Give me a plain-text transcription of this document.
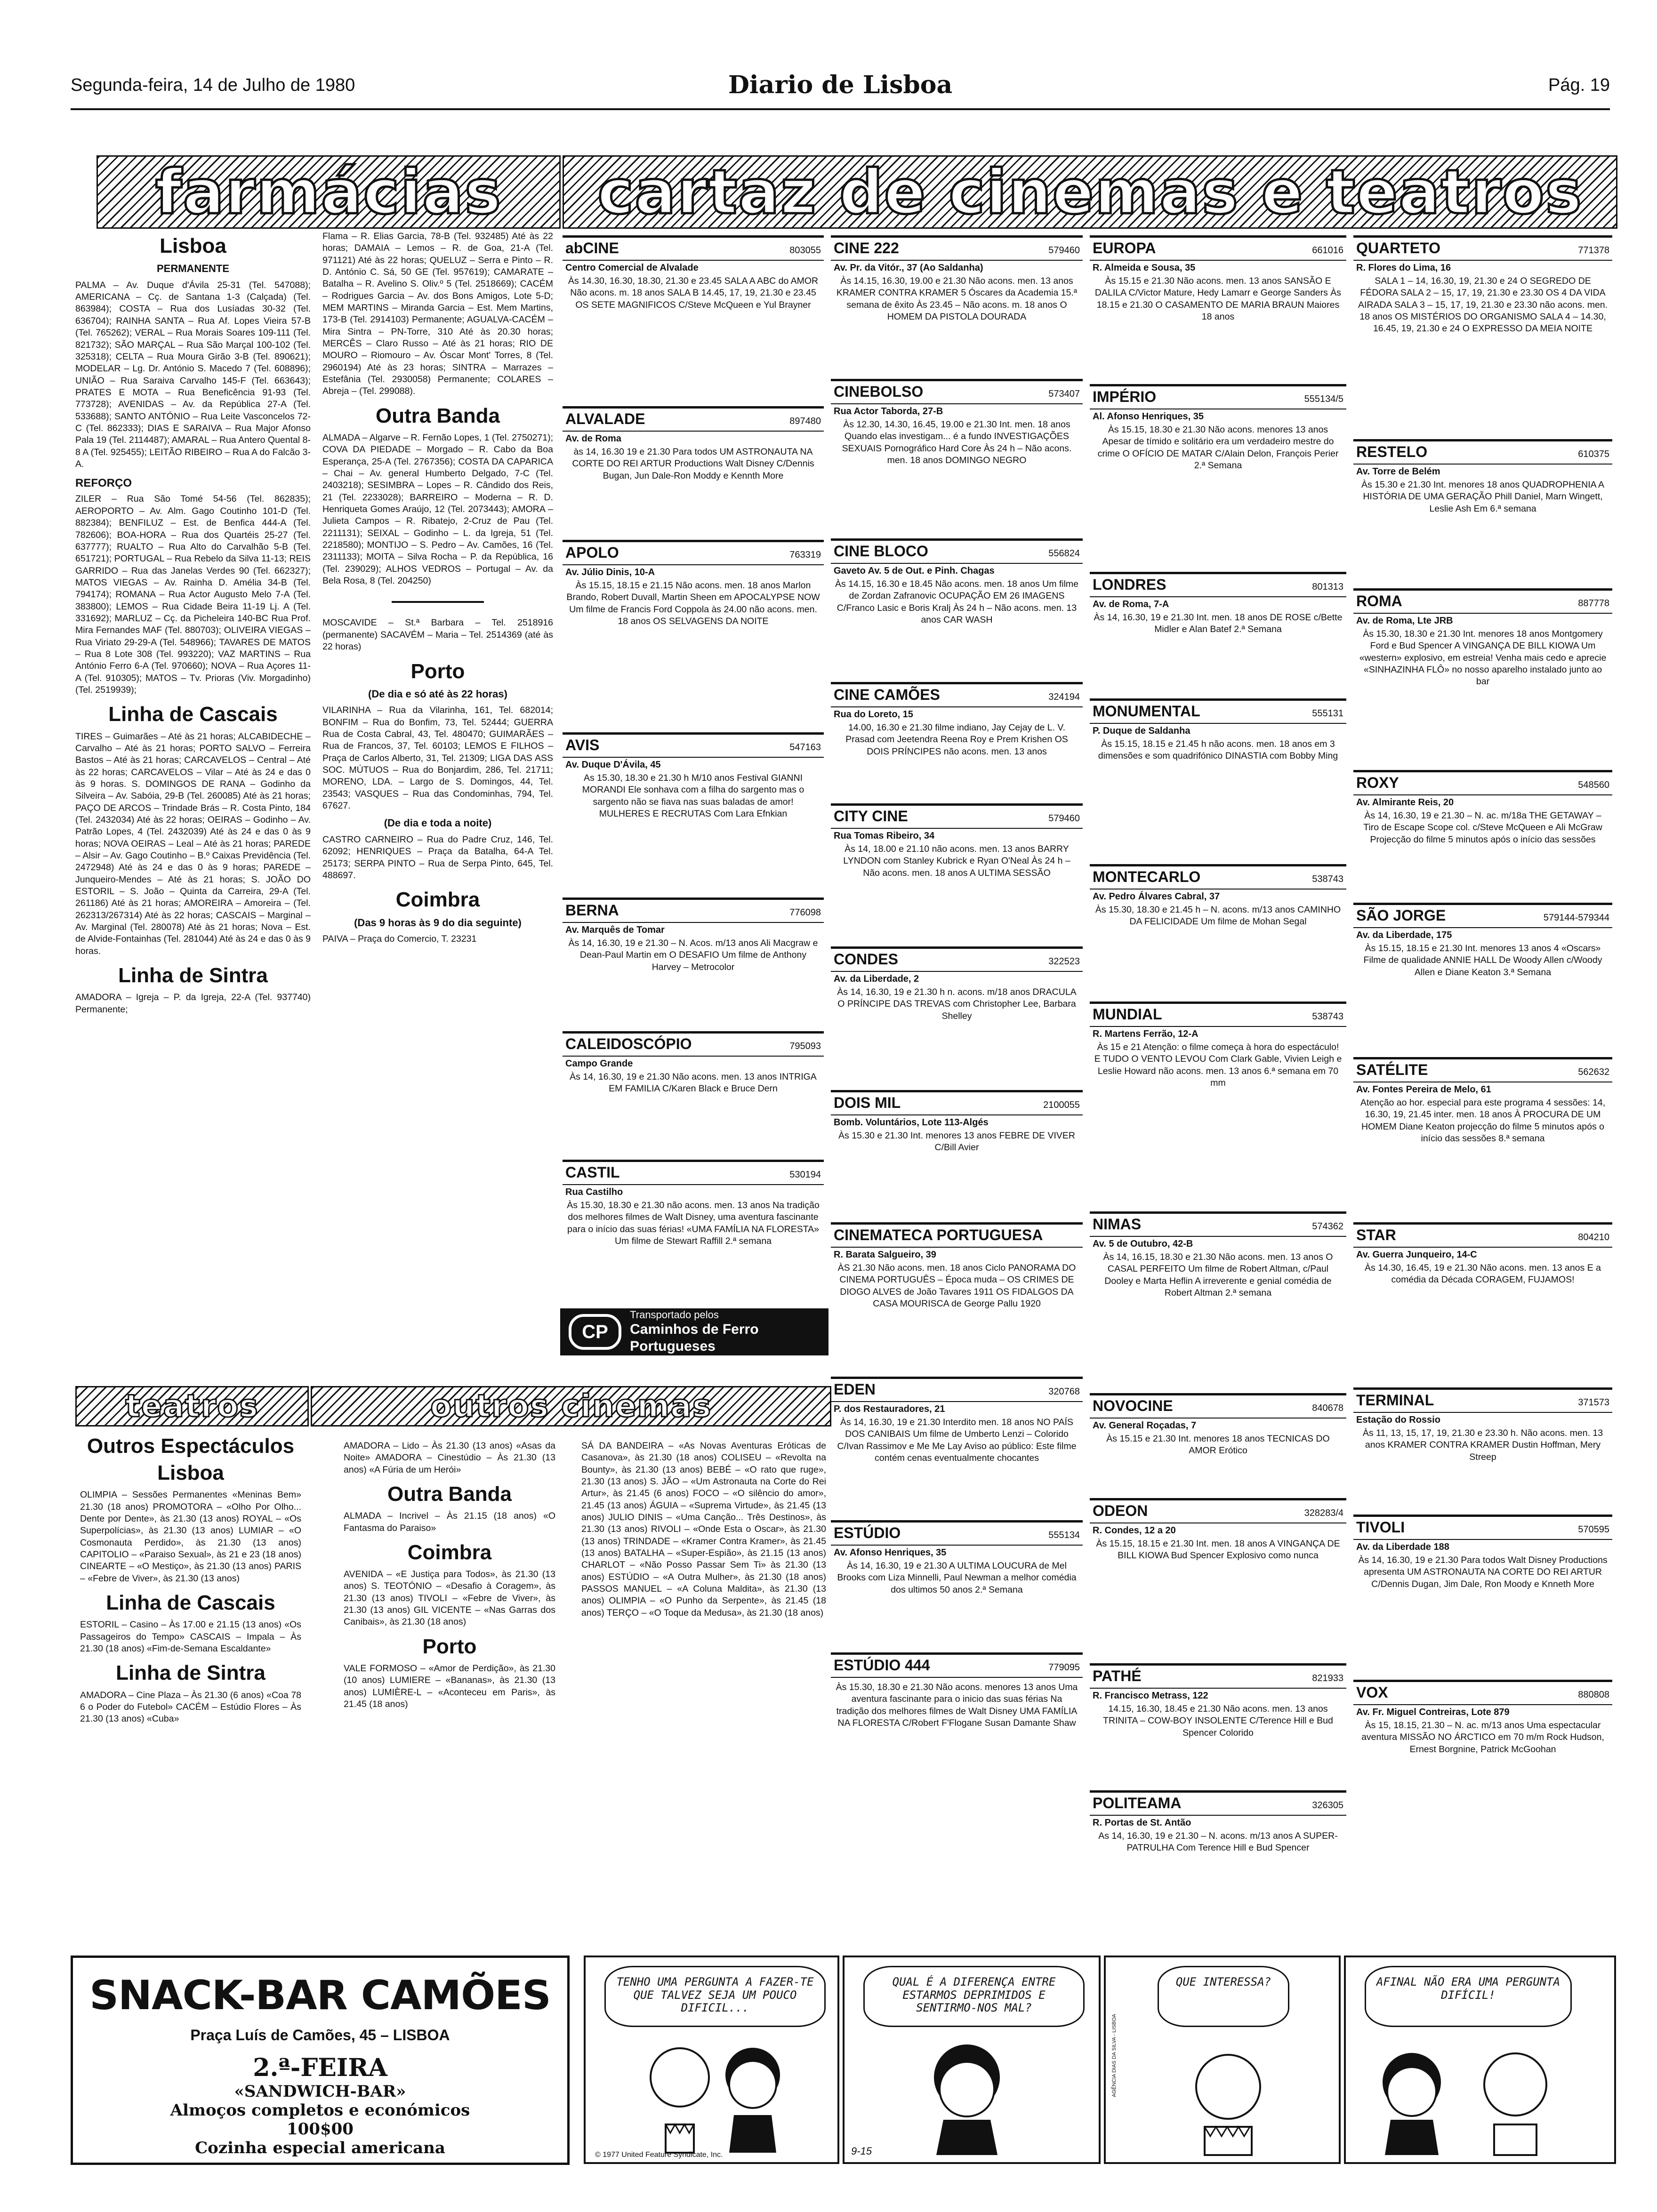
Segunda-feira, 14 de Julho de 1980	Diario de Lisboa	Pág. 19
farmácias cartaz de cinemas e teatros
Lisboa
PERMANENTE

PALMA – Av. Duque d'Ávila 25-31 (Tel. 547088); AMERICANA – Cç. de Santana 1-3 (Calçada) (Tel. 863984); COSTA – Rua dos Lusíadas 30-32 (Tel. 636704); RAINHA SANTA – Rua Af. Lopes Vieira 57-B (Tel. 765262); VERAL – Rua Morais Soares 109-111 (Tel. 821732); SÃO MARÇAL – Rua São Marçal 100-102 (Tel. 325318); CELTA – Rua Moura Girão 3-B (Tel. 890621); MODELAR – Lg. Dr. António S. Macedo 7 (Tel. 608896); UNIÃO – Rua Saraiva Carvalho 145-F (Tel. 663643); PRATES E MOTA – Rua Beneficência 91-93 (Tel. 773728); AVENIDAS – Av. da República 27-A (Tel. 533688); SANTO ANTÓNIO – Rua Leite Vasconcelos 72-C (Tel. 862333); DIAS E SARAIVA – Rua Major Afonso Pala 19 (Tel. 2114487); AMARAL – Rua Antero Quental 8-8 A (Tel. 925455); LEITÃO RIBEIRO – Rua A do Falcão 3-A.

REFORÇO

ZILER – Rua São Tomé 54-56 (Tel. 862835); AEROPORTO – Av. Alm. Gago Coutinho 101-D (Tel. 882384); BENFILUZ – Est. de Benfica 444-A (Tel. 782606); BOA-HORA – Rua dos Quartéis 25-27 (Tel. 637777); RUALTO – Rua Alto do Carvalhão 5-B (Tel. 651721); PORTUGAL – Rua Rebelo da Silva 11-13; REIS GARRIDO – Rua das Janelas Verdes 90 (Tel. 662327); MATOS VIEGAS – Av. Rainha D. Amélia 34-B (Tel. 794174); ROMANA – Rua Actor Augusto Melo 7-A (Tel. 383800); LEMOS – Rua Cidade Beira 11-19 Lj. A (Tel. 331692); MARLUZ – Cç. da Picheleira 140-BC Rua Prof. Mira Fernandes MAF (Tel. 880703); OLIVEIRA VIEGAS – Rua Viriato 29-29-A (Tel. 548966); TAVARES DE MATOS – Rua 8 Lote 308 (Tel. 993220); VAZ MARTINS – Rua António Ferro 6-A (Tel. 970660); NOVA – Rua Açores 11-A (Tel. 910305); MATOS – Tv. Prioras (Viv. Morgadinho) (Tel. 2519939);

Linha de Cascais

TIRES – Guimarães – Até às 21 horas; ALCABIDECHE – Carvalho – Até às 21 horas; PORTO SALVO – Ferreira Bastos – Até às 21 horas; CARCAVELOS – Central – Até às 22 horas; CARCAVELOS – Vilar – Até às 24 e das 0 às 9 horas. S. DOMINGOS DE RANA – Godinho da Silveira – Av. Sabóia, 29-B (Tel. 260085) Até às 21 horas; PAÇO DE ARCOS – Trindade Brás – R. Costa Pinto, 184 (Tel. 2432034) Até às 22 horas; OEIRAS – Godinho – Av. Patrão Lopes, 4 (Tel. 2432039) Até às 24 e das 0 às 9 horas; NOVA OEIRAS – Leal – Até às 21 horas; PAREDE – Alsir – Av. Gago Coutinho – B.º Caixas Previdência (Tel. 2472948) Até às 24 e das 0 às 9 horas; PAREDE – Junqueiro-Mendes – Até às 21 horas; S. JOÃO DO ESTORIL – S. João – Quinta da Carreira, 29-A (Tel. 261186) Até às 21 horas; AMOREIRA – Amoreira – (Tel. 262313/267314) Até às 22 horas; CASCAIS – Marginal – Av. Marginal (Tel. 280078) Até às 21 horas; Nova – Est. de Alvide-Fontainhas (Tel. 281044) Até às 24 e das 0 às 9 horas.

Linha de Sintra

AMADORA – Igreja – P. da Igreja, 22-A (Tel. 937740) Permanente;

Flama – R. Elias Garcia, 78-B (Tel. 932485) Até às 22 horas; DAMAIA – Lemos – R. de Goa, 21-A (Tel. 971121) Até às 22 horas; QUELUZ – Serra e Pinto – R. D. António C. Sá, 50 GE (Tel. 957619); CAMARATE – Batalha – R. Avelino S. Oliv.º 5 (Tel. 2518669); CACÉM – Rodrigues Garcia – Av. dos Bons Amigos, Lote 5-D; MEM MARTINS – Miranda Garcia – Est. Mem Martins, 173-B (Tel. 2914103) Permanente; AGUALVA-CACÉM – Mira Sintra – PN-Torre, 310 Até às 20.30 horas; MERCÊS – Claro Russo – Até às 21 horas; RIO DE MOURO – Riomouro – Av. Óscar Mont' Torres, 8 (Tel. 2960194) Até às 23 horas; SINTRA – Marrazes – Estefânia (Tel. 2930058) Permanente; COLARES – Abreja – (Tel. 299088).

Outra Banda

ALMADA – Algarve – R. Fernão Lopes, 1 (Tel. 2750271); COVA DA PIEDADE – Morgado – R. Cabo da Boa Esperança, 25-A (Tel. 2767356); COSTA DA CAPARICA – Chai – Av. general Humberto Delgado, 7-C (Tel. 2403218); SESIMBRA – Lopes – R. Cândido dos Reis, 21 (Tel. 2233028); BARREIRO – Moderna – R. D. Henriqueta Gomes Araújo, 12 (Tel. 2073443); AMORA – Julieta Campos – R. Ribatejo, 2-Cruz de Pau (Tel. 2211131); SEIXAL – Godinho – L. da Igreja, 51 (Tel. 2218580); MONTIJO – S. Pedro – Av. Camões, 16 (Tel. 2311133); MOITA – Silva Rocha – P. da República, 16 (Tel. 239029); ALHOS VEDROS – Portugal – Av. da Bela Rosa, 8 (Tel. 204250)

MOSCAVIDE – St.ª Barbara – Tel. 2518916 (permanente) SACAVÉM – Maria – Tel. 2514369 (até às 22 horas)

Porto
(De dia e só até às 22 horas)

VILARINHA – Rua da Vilarinha, 161, Tel. 682014; BONFIM – Rua do Bonfim, 73, Tel. 52444; GUERRA Rua de Costa Cabral, 43, Tel. 480470; GUIMARÃES – Rua de Francos, 37, Tel. 60103; LEMOS E FILHOS – Praça de Carlos Alberto, 31, Tel. 21309; LIGA DAS ASS SOC. MÚTUOS – Rua do Bonjardim, 286, Tel. 21711; MORENO, LDA. – Largo de S. Domingos, 44, Tel. 23543; VASQUES – Rua das Condominhas, 794, Tel. 67627.

(De dia e toda a noite)

CASTRO CARNEIRO – Rua do Padre Cruz, 146, Tel. 62092; HENRIQUES – Praça da Batalha, 64-A Tel. 25173; SERPA PINTO – Rua de Serpa Pinto, 645, Tel. 488697.

Coimbra
(Das 9 horas às 9 do dia seguinte)

PAIVA – Praça do Comercio, T. 23231

abCINE	803055
Centro Comercial de Alvalade
Às 14.30, 16.30, 18.30, 21.30 e 23.45 SALA A ABC do AMOR Não acons. m. 18 anos SALA B 14.45, 17, 19, 21.30 e 23.45 OS SETE MAGNIFICOS C/Steve McQueen e Yul Brayner
ALVALADE	897480
Av. de Roma
às 14, 16.30 19 e 21.30 Para todos UM ASTRONAUTA NA CORTE DO REI ARTUR Productions Walt Disney C/Dennis Bugan, Jun Dale-Ron Moddy e Kennth More
APOLO	763319
Av. Júlio Dinis, 10-A
Às 15.15, 18.15 e 21.15 Não acons. men. 18 anos Marlon Brando, Robert Duvall, Martin Sheen em APOCALYPSE NOW Um filme de Francis Ford Coppola às 24.00 não acons. men. 18 anos OS SELVAGENS DA NOITE
AVIS	547163
Av. Duque D'Ávila, 45
As 15.30, 18.30 e 21.30 h M/10 anos Festival GIANNI MORANDI Ele sonhava com a filha do sargento mas o sargento não se fiava nas suas baladas de amor! MULHERES E RECRUTAS Com Lara Efnkian
BERNA	776098
Av. Marquês de Tomar
Às 14, 16.30, 19 e 21.30 – N. Acos. m/13 anos Ali Macgraw e Dean-Paul Martin em O DESAFIO Um filme de Anthony Harvey – Metrocolor
CALEIDOSCÓPIO	795093
Campo Grande
Às 14, 16.30, 19 e 21.30 Não acons. men. 13 anos INTRIGA EM FAMILIA C/Karen Black e Bruce Dern
CASTIL	530194
Rua Castilho
Às 15.30, 18.30 e 21.30 não acons. men. 13 anos Na tradição dos melhores filmes de Walt Disney, uma aventura fascinante para o início das suas férias! «UMA FAMÍLIA NA FLORESTA» Um filme de Stewart Raffill 2.ª semana
CINE 222	579460
Av. Pr. da Vitór., 37 (Ao Saldanha)
Às 14.15, 16.30, 19.00 e 21.30 Não acons. men. 13 anos KRAMER CONTRA KRAMER 5 Óscares da Academia 15.ª semana de êxito Às 23.45 – Não acons. m. 18 anos O HOMEM DA PISTOLA DOURADA
CINEBOLSO	573407
Rua Actor Taborda, 27-B
Às 12.30, 14.30, 16.45, 19.00 e 21.30 Int. men. 18 anos Quando elas investigam... é a fundo INVESTIGAÇÕES SEXUAIS Pornográfico Hard Core Às 24 h – Não acons. men. 18 anos DOMINGO NEGRO
CINE BLOCO	556824
Gaveto Av. 5 de Out. e Pinh. Chagas
Às 14.15, 16.30 e 18.45 Não acons. men. 18 anos Um filme de Zordan Zafranovic OCUPAÇÃO EM 26 IMAGENS C/Franco Lasic e Boris Kralj Às 24 h – Não acons. men. 13 anos CAR WASH
CINE CAMÕES	324194
Rua do Loreto, 15
14.00, 16.30 e 21.30 filme indiano, Jay Cejay de L. V. Prasad com Jeetendra Reena Roy e Prem Krishen OS DOIS PRÍNCIPES não acons. men. 13 anos
CITY CINE	579460
Rua Tomas Ribeiro, 34
Às 14, 18.00 e 21.10 não acons. men. 13 anos BARRY LYNDON com Stanley Kubrick e Ryan O'Neal Às 24 h – Não acons. men. 18 anos A ULTIMA SESSÃO
CONDES	322523
Av. da Liberdade, 2
Às 14, 16.30, 19 e 21.30 h n. acons. m/18 anos DRACULA O PRÍNCIPE DAS TREVAS com Christopher Lee, Barbara Shelley
DOIS MIL	2100055
Bomb. Voluntários, Lote 113-Algés
Às 15.30 e 21.30 Int. menores 13 anos FEBRE DE VIVER C/Bill Avier
CINEMATECA PORTUGUESA
R. Barata Salgueiro, 39
ÀS 21.30 Não acons. men. 18 anos Ciclo PANORAMA DO CINEMA PORTUGUÊS – Época muda – OS CRIMES DE DIOGO ALVES de João Tavares 1911 OS FIDALGOS DA CASA MOURISCA de George Pallu 1920
EDEN	320768
P. dos Restauradores, 21
Às 14, 16.30, 19 e 21.30 Interdito men. 18 anos NO PAÍS DOS CANIBAIS Um filme de Umberto Lenzi – Colorido C/Ivan Rassimov e Me Me Lay Aviso ao público: Este filme contém cenas eventualmente chocantes
ESTÚDIO	555134
Av. Afonso Henriques, 35
Às 14, 16.30, 19 e 21.30 A ULTIMA LOUCURA de Mel Brooks com Liza Minnelli, Paul Newman a melhor comédia dos ultimos 50 anos 2.ª Semana
ESTÚDIO 444	779095
Às 15.30, 18.30 e 21.30 Não acons. menores 13 anos Uma aventura fascinante para o inicio das suas férias Na tradição dos melhores filmes de Walt Disney UMA FAMÍLIA NA FLORESTA C/Robert F'Flogane Susan Damante Shaw
EUROPA	661016
R. Almeida e Sousa, 35
Às 15.15 e 21.30 Não acons. men. 13 anos SANSÃO E DALILA C/Victor Mature, Hedy Lamarr e George Sanders Às 18.15 e 21.30 O CASAMENTO DE MARIA BRAUN Maiores 18 anos
IMPÉRIO	555134/5
Al. Afonso Henriques, 35
Às 15.15, 18.30 e 21.30 Não acons. menores 13 anos Apesar de tímido e solitário era um verdadeiro mestre do crime O OFÍCIO DE MATAR C/Alain Delon, François Perier 2.ª Semana
LONDRES	801313
Av. de Roma, 7-A
Às 14, 16.30, 19 e 21.30 Int. men. 18 anos DE ROSE c/Bette Midler e Alan Batef 2.ª Semana
MONUMENTAL	555131
P. Duque de Saldanha
Às 15.15, 18.15 e 21.45 h não acons. men. 18 anos em 3 dimensões e som quadrifónico DINASTIA com Bobby Ming
MONTECARLO	538743
Av. Pedro Álvares Cabral, 37
Às 15.30, 18.30 e 21.45 h – N. acons. m/13 anos CAMINHO DA FELICIDADE Um filme de Mohan Segal
MUNDIAL	538743
R. Martens Ferrão, 12-A
Às 15 e 21 Atenção: o filme começa à hora do espectáculo! E TUDO O VENTO LEVOU Com Clark Gable, Vivien Leigh e Leslie Howard não acons. men. 13 anos 6.ª semana em 70 mm
NIMAS	574362
Av. 5 de Outubro, 42-B
Às 14, 16.15, 18.30 e 21.30 Não acons. men. 13 anos O CASAL PERFEITO Um filme de Robert Altman, c/Paul Dooley e Marta Heflin A irreverente e genial comédia de Robert Altman 2.ª semana
NOVOCINE	840678
Av. General Roçadas, 7
Às 15.15 e 21.30 Int. menores 18 anos TECNICAS DO AMOR Erótico
ODEON	328283/4
R. Condes, 12 a 20
Às 15.15, 18.15 e 21.30 Int. men. 18 anos A VINGANÇA DE BILL KIOWA Bud Spencer Explosivo como nunca
PATHÉ	821933
R. Francisco Metrass, 122
14.15, 16.30, 18.45 e 21.30 Não acons. men. 13 anos TRINITA – COW-BOY INSOLENTE C/Terence Hill e Bud Spencer Colorido
POLITEAMA	326305
R. Portas de St. Antão
As 14, 16.30, 19 e 21.30 – N. acons. m/13 anos A SUPER-PATRULHA Com Terence Hill e Bud Spencer
QUARTETO	771378
R. Flores do Lima, 16
SALA 1 – 14, 16.30, 19, 21.30 e 24 O SEGREDO DE FÉDORA SALA 2 – 15, 17, 19, 21.30 e 23.30 OS 4 DA VIDA AIRADA SALA 3 – 15, 17, 19, 21.30 e 23.30 não acons. men. 18 anos OS MISTÉRIOS DO ORGANISMO SALA 4 – 14.30, 16.45, 19, 21.30 e 24 O EXPRESSO DA MEIA NOITE
RESTELO	610375
Av. Torre de Belém
Às 15.30 e 21.30 Int. menores 18 anos QUADROPHENIA A HISTÓRIA DE UMA GERAÇÃO Phill Daniel, Marn Wingett, Leslie Ash Em 6.ª semana
ROMA	887778
Av. de Roma, Lte JRB
Às 15.30, 18.30 e 21.30 Int. menores 18 anos Montgomery Ford e Bud Spencer A VINGANÇA DE BILL KIOWA Um «western» explosivo, em estreia! Venha mais cedo e aprecie «SINHAZINHA FLÔ» no nosso aparelho instalado junto ao bar
ROXY	548560
Av. Almirante Reis, 20
Às 14, 16.30, 19 e 21.30 – N. ac. m/18a THE GETAWAY – Tiro de Escape Scope col. c/Steve McQueen e Ali McGraw Projecção do filme 5 minutos após o início das sessões
SÃO JORGE	579144-579344
Av. da Liberdade, 175
Às 15.15, 18.15 e 21.30 Int. menores 13 anos 4 «Oscars» Filme de qualidade ANNIE HALL De Woody Allen c/Woody Allen e Diane Keaton 3.ª Semana
SATÉLITE	562632
Av. Fontes Pereira de Melo, 61
Atenção ao hor. especial para este programa 4 sessões: 14, 16.30, 19, 21.45 inter. men. 18 anos À PROCURA DE UM HOMEM Diane Keaton projecção do filme 5 minutos após o início das sessões 8.ª semana
STAR	804210
Av. Guerra Junqueiro, 14-C
Às 14.30, 16.45, 19 e 21.30 Não acons. men. 13 anos E a comédia da Década CORAGEM, FUJAMOS!
TERMINAL	371573
Estação do Rossio
Às 11, 13, 15, 17, 19, 21.30 e 23.30 h. Não acons. men. 13 anos KRAMER CONTRA KRAMER Dustin Hoffman, Mery Streep
TIVOLI	570595
Av. da Liberdade 188
Às 14, 16.30, 19 e 21.30 Para todos Walt Disney Productions apresenta UM ASTRONAUTA NA CORTE DO REI ARTUR C/Dennis Dugan, Jim Dale, Ron Moody e Knneth More
VOX	880808
Av. Fr. Miguel Contreiras, Lote 879
Às 15, 18.15, 21.30 – N. ac. m/13 anos Uma espectacular aventura MISSÃO NO ÁRCTICO em 70 m/m Rock Hudson, Ernest Borgnine, Patrick McGoohan
CP
Transportado pelos
Caminhos de Ferro Portugueses
teatros	outros cinemas
Outros Espectáculos Lisboa

OLIMPIA – Sessões Permanentes «Meninas Bem» 21.30 (18 anos) PROMOTORA – «Olho Por Olho... Dente por Dente», às 21.30 (13 anos) ROYAL – «Os Superpolícias», às 21.30 (13 anos) LUMIAR – «O Cosmonauta Perdido», às 21.30 (13 anos) CAPITOLIO – «Paraiso Sexual», às 21 e 23 (18 anos) CINEARTE – «O Mestiço», às 21.30 (13 anos) PARIS – «Febre de Viver», às 21.30 (13 anos)

Linha de Cascais

ESTORIL – Casino – Às 17.00 e 21.15 (13 anos) «Os Passageiros do Tempo» CASCAIS – Impala – Às 21.30 (18 anos) «Fim-de-Semana Escaldante»

Linha de Sintra

AMADORA – Cine Plaza – Às 21.30 (6 anos) «Coa 78 6 o Poder do Futebol» CACÉM – Estúdio Flores – Às 21.30 (13 anos) «Cuba»

AMADORA – Lido – Às 21.30 (13 anos) «Asas da Noite» AMADORA – Cinestúdio – Às 21.30 (13 anos) «A Fúria de um Herói»

Outra Banda

ALMADA – Incrivel – Às 21.15 (18 anos) «O Fantasma do Paraiso»

Coimbra

AVENIDA – «E Justiça para Todos», às 21.30 (13 anos) S. TEOTÓNIO – «Desafio à Coragem», às 21.30 (13 anos) TIVOLI – «Febre de Viver», às 21.30 (13 anos) GIL VICENTE – «Nas Garras dos Canibais», às 21.30 (18 anos)

Porto

VALE FORMOSO – «Amor de Perdição», às 21.30 (10 anos) LUMIERE – «Bananas», às 21.30 (13 anos) LUMIÈRE-L – «Aconteceu em Paris», às 21.45 (18 anos)

SÁ DA BANDEIRA – «As Novas Aventuras Eróticas de Casanova», às 21.30 (18 anos) COLISEU – «Revolta na Bounty», às 21.30 (13 anos) BEBÉ – «O rato que ruge», 21.30 (13 anos) S. JÃO – «Um Astronauta na Corte do Rei Artur», às 21.45 (6 anos) FOCO – «O silêncio do amor», 21.45 (13 anos) ÁGUIA – «Suprema Virtude», às 21.45 (13 anos) JULIO DINIS – «Uma Canção... Três Destinos», às 21.30 (13 anos) RIVOLI – «Onde Esta o Oscar», às 21.30 (13 anos) TRINDADE – «Kramer Contra Kramer», às 21.45 (13 anos) BATALHA – «Super-Espião», às 21.15 (13 anos) CHARLOT – «Não Posso Passar Sem Ti» às 21.30 (13 anos) ESTÚDIO – «A Outra Mulher», às 21.30 (18 anos) PASSOS MANUEL – «A Coluna Maldita», às 21.30 (13 anos) OLIMPIA – «O Punho da Serpente», às 21.45 (18 anos) TERÇO – «O Toque da Medusa», às 21.30 (18 anos)

SNACK-BAR CAMÕES
Praça Luís de Camões, 45 – LISBOA
2.ª-FEIRA
«SANDWICH-BAR»
Almoços completos e económicos
100$00
Cozinha especial americana
TENHO UMA PERGUNTA A FAZER-TE QUE TALVEZ SEJA UM POUCO DIFICIL...
© 1977 United Feature Syndicate, Inc.
QUAL É A DIFERENÇA ENTRE ESTARMOS DEPRIMIDOS E SENTIRMO-NOS MAL?
9-15
AGÊNCIA DIAS DA SILVA - LISBOA
QUE INTERESSA?	AFINAL NÃO ERA UMA PERGUNTA DIFÍCIL!
